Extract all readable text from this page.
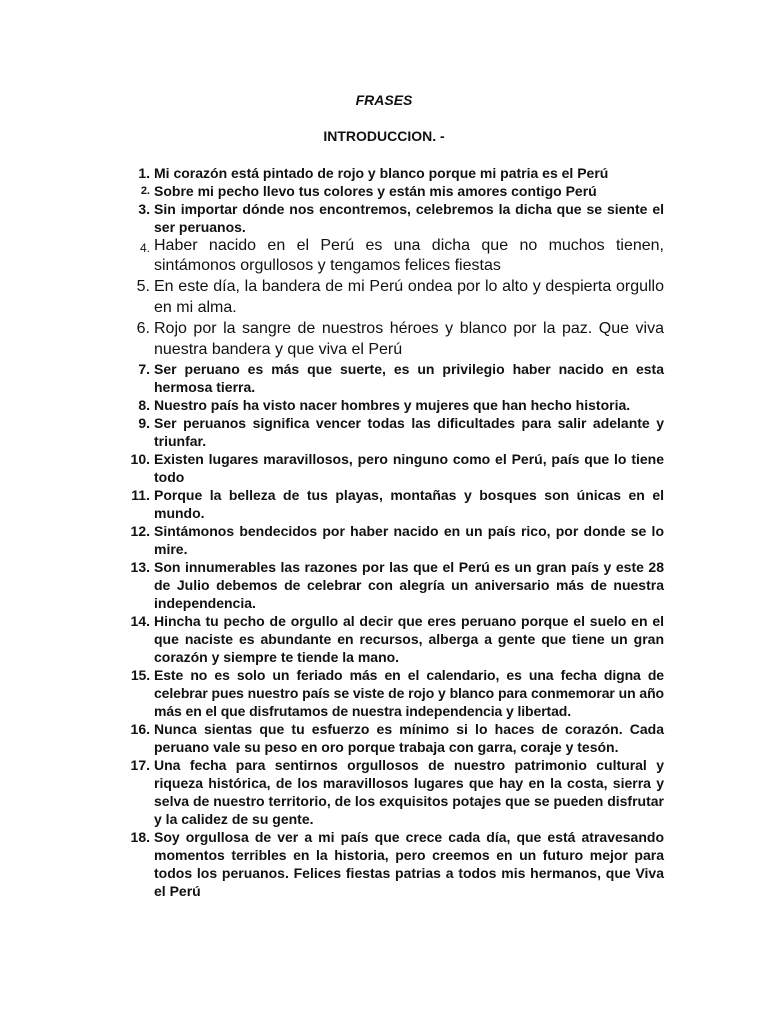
FRASES
INTRODUCCION. -
1. Mi corazón está pintado de rojo y blanco porque mi patria es el Perú
2. Sobre mi pecho llevo tus colores y están mis amores contigo Perú
3. Sin importar dónde nos encontremos, celebremos la dicha que se siente el ser peruanos.
4. Haber nacido en el Perú es una dicha que no muchos tienen, sintámonos orgullosos y tengamos felices fiestas
5. En este día, la bandera de mi Perú ondea por lo alto y despierta orgullo en mi alma.
6. Rojo por la sangre de nuestros héroes y blanco por la paz. Que viva nuestra bandera y que viva el Perú
7. Ser peruano es más que suerte, es un privilegio haber nacido en esta hermosa tierra.
8. Nuestro país ha visto nacer hombres y mujeres que han hecho historia.
9. Ser peruanos significa vencer todas las dificultades para salir adelante y triunfar.
10. Existen lugares maravillosos, pero ninguno como el Perú, país que lo tiene todo
11. Porque la belleza de tus playas, montañas y bosques son únicas en el mundo.
12. Sintámonos bendecidos por haber nacido en un país rico, por donde se lo mire.
13. Son innumerables las razones por las que el Perú es un gran país y este 28 de Julio debemos de celebrar con alegría un aniversario más de nuestra independencia.
14. Hincha tu pecho de orgullo al decir que eres peruano porque el suelo en el que naciste es abundante en recursos, alberga a gente que tiene un gran corazón y siempre te tiende la mano.
15. Este no es solo un feriado más en el calendario, es una fecha digna de celebrar pues nuestro país se viste de rojo y blanco para conmemorar un año más en el que disfrutamos de nuestra independencia y libertad.
16. Nunca sientas que tu esfuerzo es mínimo si lo haces de corazón. Cada peruano vale su peso en oro porque trabaja con garra, coraje y tesón.
17. Una fecha para sentirnos orgullosos de nuestro patrimonio cultural y riqueza histórica, de los maravillosos lugares que hay en la costa, sierra y selva de nuestro territorio, de los exquisitos potajes que se pueden disfrutar y la calidez de su gente.
18. Soy orgullosa de ver a mi país que crece cada día, que está atravesando momentos terribles en la historia, pero creemos en un futuro mejor para todos los peruanos. Felices fiestas patrias a todos mis hermanos, que Viva el Perú
